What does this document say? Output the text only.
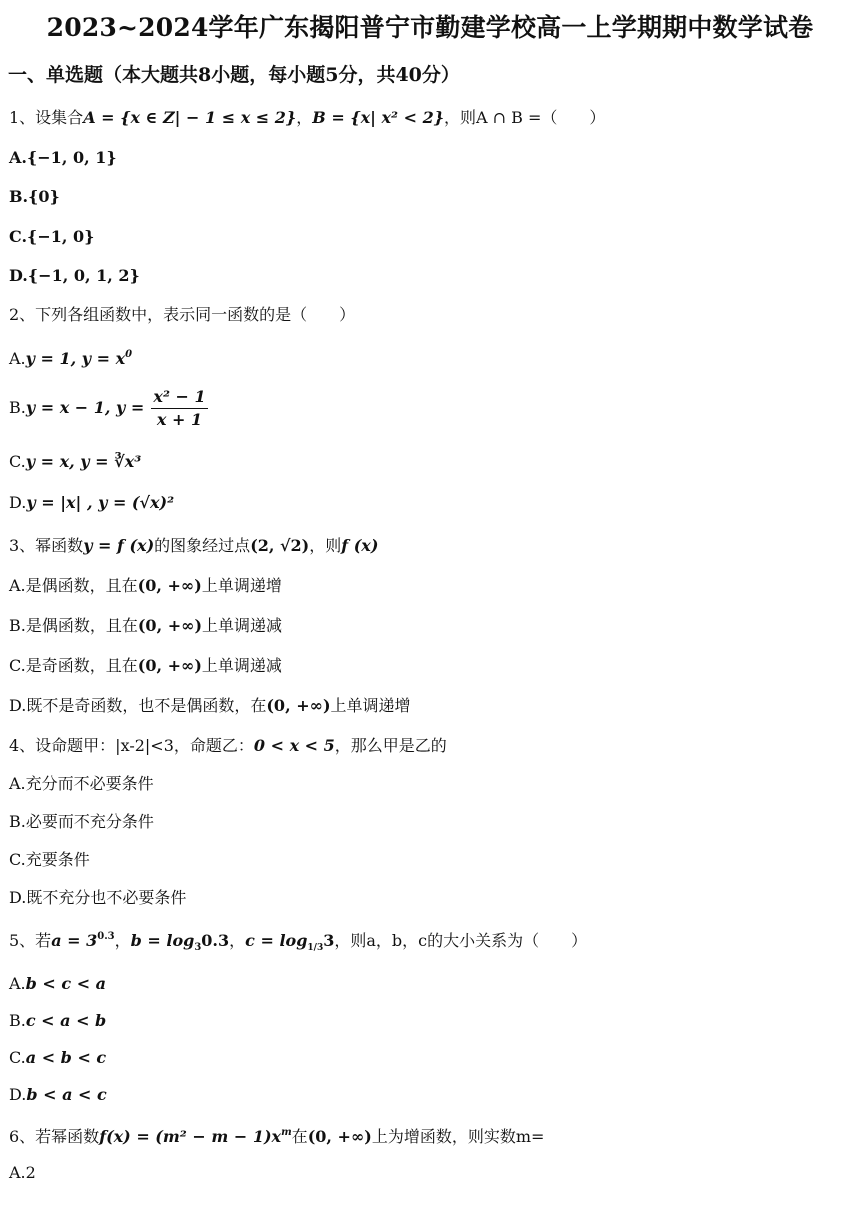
2023~2024学年广东揭阳普宁市勤建学校高一上学期期中数学试卷
一、单选题（本大题共8小题，每小题5分，共40分）
1、设集合A = {x ∈ Z| − 1 ≤ x ≤ 2}，B = {x| x² < 2}，则A ∩ B =（　　）
A.{−1, 0, 1}
B.{0}
C.{−1, 0}
D.{−1, 0, 1, 2}
2、下列各组函数中，表示同一函数的是（　　）
A.y = 1, $y = x^0$
B.y = x − 1, $y = \frac{\text{x² − 1}}{x + 1}$
C.y = x, y = ∛x³
D.y = |x| , y = (√x)²
3、幂函数y = f (x)的图象经过点(2, √2)，则f (x)
A.是偶函数，且在(0, +∞)上单调递增
B.是偶函数，且在(0, +∞)上单调递减
C.是奇函数，且在(0, +∞)上单调递减
D.既不是奇函数，也不是偶函数，在(0, +∞)上单调递增
4、设命题甲：|x-2|<3，命题乙：0 < x < 5，那么甲是乙的
A.充分而不必要条件
B.必要而不充分条件
C.充要条件
D.既不充分也不必要条件
5、若$a = 3^{0.3}$，$b = \log_30.3$，$c = \log_{1/3}3$，则a，b，c的大小关系为（　　）
A.b < c < a
B.c < a < b
C.a < b < c
D.b < a < c
6、若幂函数$f(x) = (m^2 - m - 1)x^m$在(0, +∞)上为增函数，则实数m=
A.2
